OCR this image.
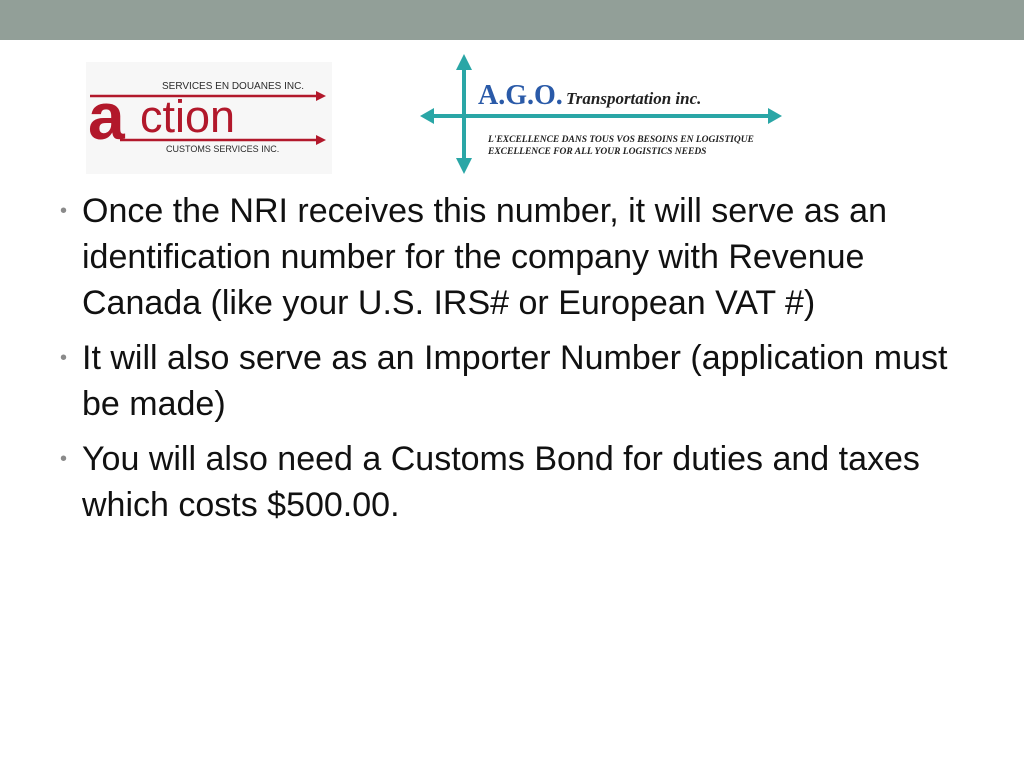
SERVICES EN DOUANES INC.
a ction
CUSTOMS SERVICES INC.
A.G.O. Transportation inc.
L'EXCELLENCE DANS TOUS VOS BESOINS EN LOGISTIQUE
EXCELLENCE FOR ALL YOUR LOGISTICS NEEDS
• Once the NRI receives this number, it will serve as an identification number for the company with Revenue Canada (like your U.S. IRS# or European VAT #)
• It will also serve as an Importer Number (application must be made)
• You will also need a Customs Bond for duties and taxes which costs $500.00.
